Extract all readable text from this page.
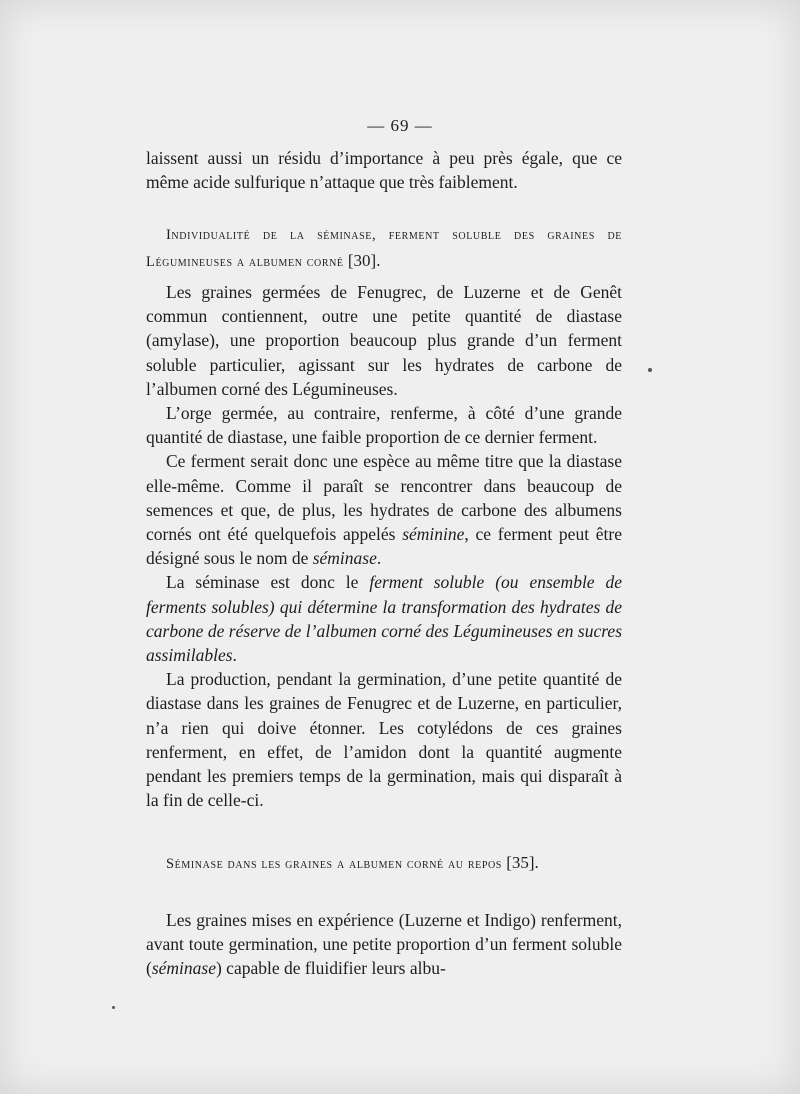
— 69 —

laissent aussi un résidu d’importance à peu près égale, que ce même acide sulfurique n’attaque que très faiblement.

Individualité de la séminase, ferment soluble des graines de Légumineuses a albumen corné [30].

Les graines germées de Fenugrec, de Luzerne et de Genêt commun contiennent, outre une petite quantité de diastase (amylase), une proportion beaucoup plus grande d’un ferment soluble particulier, agissant sur les hydrates de carbone de l’albumen corné des Légumineuses.

L’orge germée, au contraire, renferme, à côté d’une grande quantité de diastase, une faible proportion de ce dernier ferment.

Ce ferment serait donc une espèce au même titre que la diastase elle-même. Comme il paraît se rencontrer dans beaucoup de semences et que, de plus, les hydrates de carbone des albumens cornés ont été quelquefois appelés séminine, ce ferment peut être désigné sous le nom de séminase.

La séminase est donc le ferment soluble (ou ensemble de ferments solubles) qui détermine la transformation des hydrates de carbone de réserve de l’albumen corné des Légumineuses en sucres assimilables.

La production, pendant la germination, d’une petite quantité de diastase dans les graines de Fenugrec et de Luzerne, en particulier, n’a rien qui doive étonner. Les cotylédons de ces graines renferment, en effet, de l’amidon dont la quantité augmente pendant les premiers temps de la germination, mais qui disparaît à la fin de celle-ci.

Séminase dans les graines a albumen corné au repos [35].

Les graines mises en expérience (Luzerne et Indigo) renferment, avant toute germination, une petite proportion d’un ferment soluble (séminase) capable de fluidifier leurs albu-
